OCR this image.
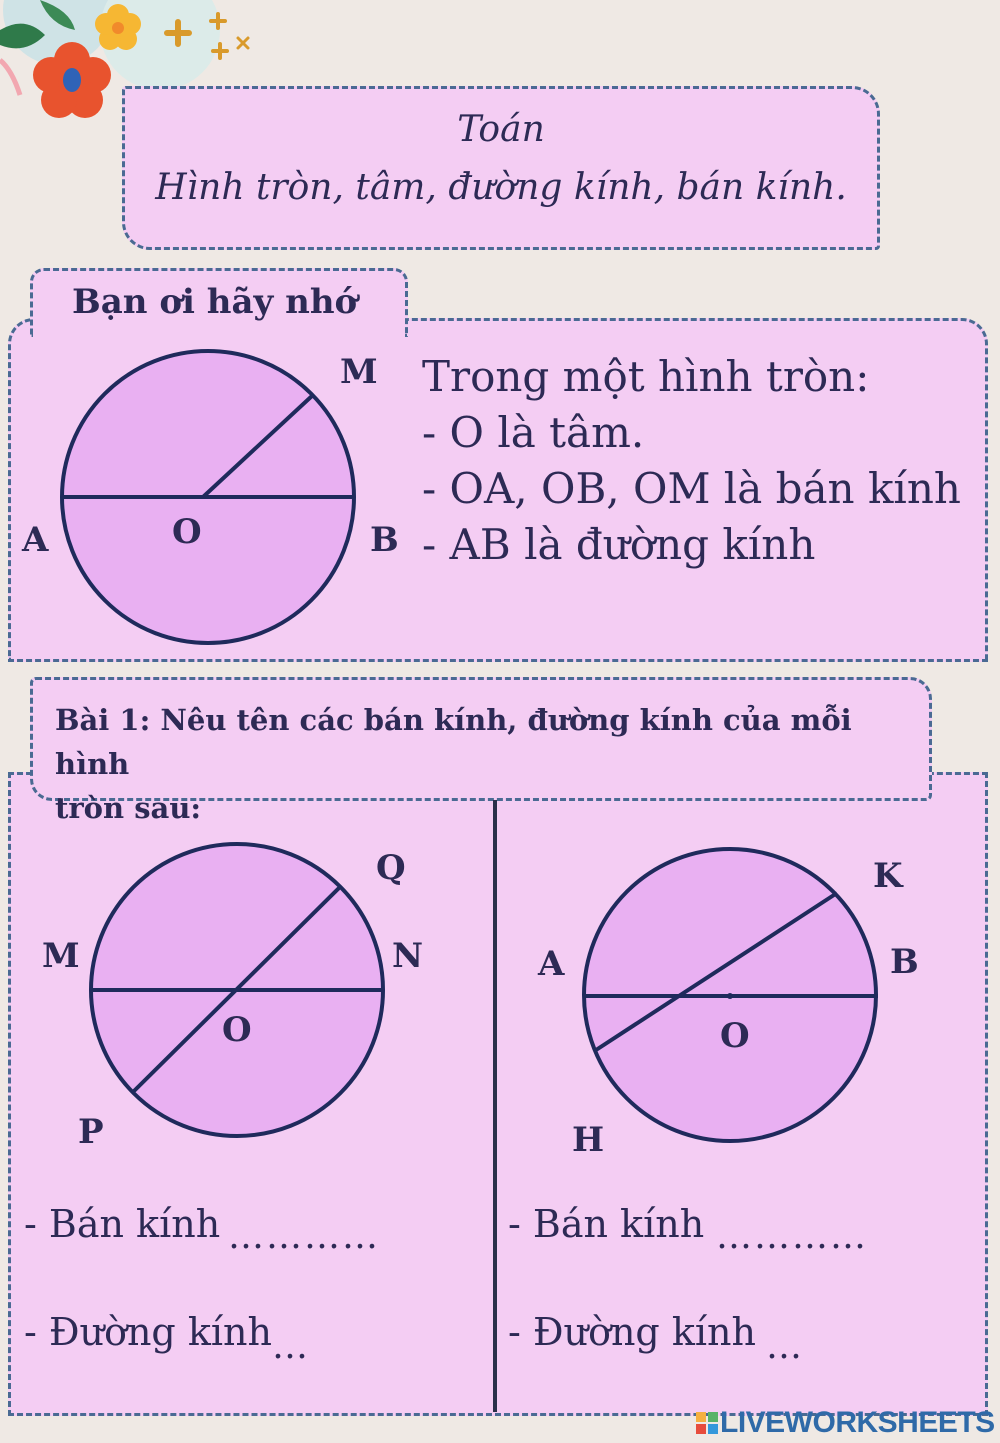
Toán
Hình tròn, tâm, đường kính, bán kính.
Bạn ơi hãy nhớ
M
A	O	B
Trong một hình tròn:
- O là tâm.
- OA, OB, OM là bán kính
- AB là đường kính
Bài 1: Nêu tên các bán kính, đường kính của mỗi hình
tròn sau:
Q
M	N
O
P
K
A	B
O
H
- Bán kính …………
- Đường kính …
- Bán kính …………
- Đường kính …
LIVEWORKSHEETS
